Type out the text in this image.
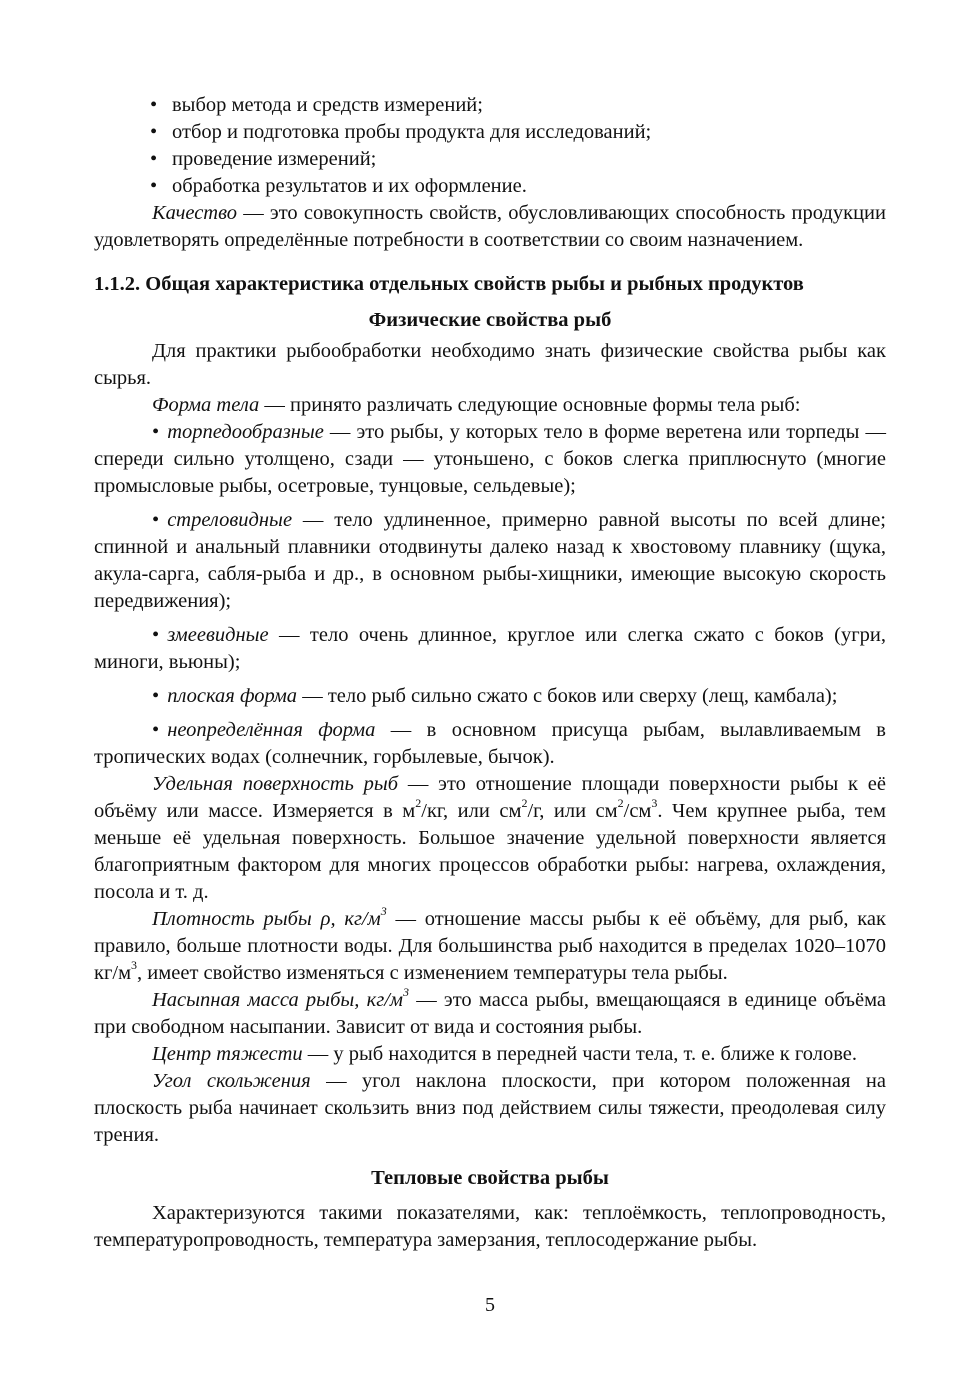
• выбор метода и средств измерений;

• отбор и подготовка пробы продукта для исследований;

• проведение измерений;

• обработка результатов и их оформление.

Качество — это совокупность свойств, обусловливающих способность продукции удовлетворять определённые потребности в соответствии со своим назначением.

1.1.2. Общая характеристика отдельных свойств рыбы и рыбных продуктов

Физические свойства рыб

Для практики рыбообработки необходимо знать физические свойства рыбы как сырья.

Форма тела — принято различать следующие основные формы тела рыб:

• торпедообразные — это рыбы, у которых тело в форме веретена или торпеды — спереди сильно утолщено, сзади — утоньшено, с боков слегка приплюснуто (многие промысловые рыбы, осетровые, тунцовые, сельдевые);

• стреловидные — тело удлиненное, примерно равной высоты по всей длине; спинной и анальный плавники отодвинуты далеко назад к хвостовому плавнику (щука, акула-сарга, сабля-рыба и др., в основном рыбы-хищники, имеющие высокую скорость передвижения);

• змеевидные — тело очень длинное, круглое или слегка сжато с боков (угри, миноги, вьюны);

• плоская форма — тело рыб сильно сжато с боков или сверху (лещ, камбала);

• неопределённая форма — в основном присуща рыбам, вылавливаемым в тропических водах (солнечник, горбылевые, бычок).

Удельная поверхность рыб — это отношение площади поверхности рыбы к её объёму или массе. Измеряется в $м^2/кг$, или $см^2/г$, или $см^2/см^3$. Чем крупнее рыба, тем меньше её удельная поверхность. Большое значение удельной поверхности является благоприятным фактором для многих процессов обработки рыбы: нагрева, охлаждения, посола и т. д.

Плотность рыбы ρ, $кг/м^3$ — отношение массы рыбы к её объёму, для рыб, как правило, больше плотности воды. Для большинства рыб находится в пределах 1020–1070 $кг/м^3$, имеет свойство изменяться с изменением температуры тела рыбы.

Насыпная масса рыбы, $кг/м^3$ — это масса рыбы, вмещающаяся в единице объёма при свободном насыпании. Зависит от вида и состояния рыбы.

Центр тяжести — у рыб находится в передней части тела, т. е. ближе к голове.

Угол скольжения — угол наклона плоскости, при котором положенная на плоскость рыба начинает скользить вниз под действием силы тяжести, преодолевая силу трения.

Тепловые свойства рыбы

Характеризуются такими показателями, как: теплоёмкость, теплопроводность, температуропроводность, температура замерзания, теплосодержание рыбы.

5
